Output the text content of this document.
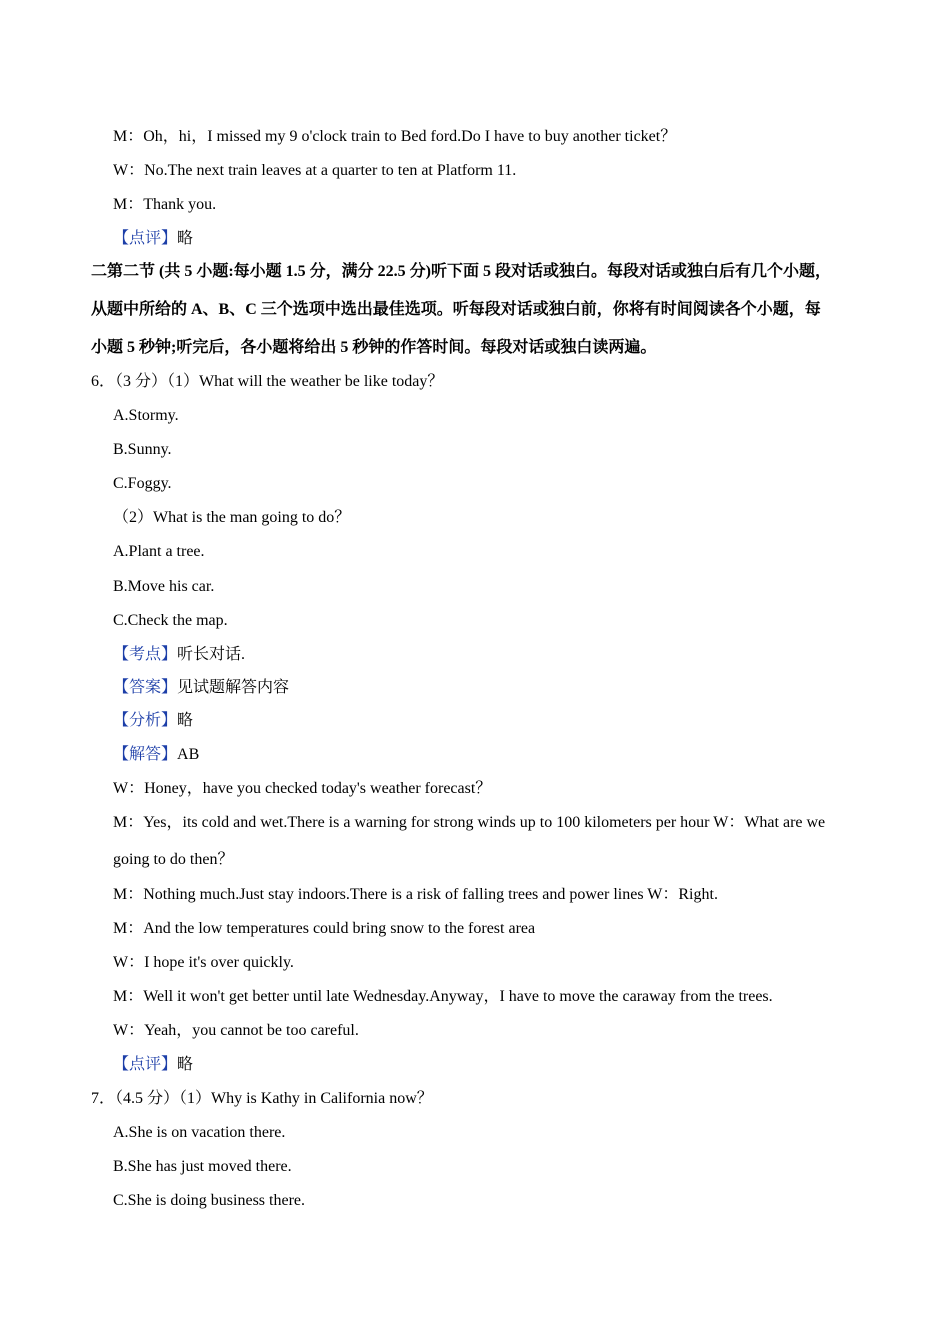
M：Oh，hi，I missed my 9 o'clock train to Bed ford.Do I have to buy another ticket？
W：No.The next train leaves at a quarter to ten at Platform 11.
M：Thank you.
【点评】略
二第二节 (共 5 小题:每小题 1.5 分，满分 22.5 分)听下面 5 段对话或独白。每段对话或独白后有几个小题，
从题中所给的 A、B、C 三个选项中选出最佳选项。听每段对话或独白前，你将有时间阅读各个小题，每
小题 5 秒钟;听完后，各小题将给出 5 秒钟的作答时间。每段对话或独白读两遍。
6．（3 分）（1）What will the weather be like today？
A.Stormy.
B.Sunny.
C.Foggy.
（2）What is the man going to do？
A.Plant a tree.
B.Move his car.
C.Check the map.
【考点】听长对话.
【答案】见试题解答内容
【分析】略
【解答】AB
W：Honey，have you checked today's weather forecast？
M：Yes，its cold and wet.There is a warning for strong winds up to 100 kilometers per hour W：What are we
going to do then？
M：Nothing much.Just stay indoors.There is a risk of falling trees and power lines W：Right.
M：And the low temperatures could bring snow to the forest area
W：I hope it's over quickly.
M：Well it won't get better until late Wednesday.Anyway，I have to move the caraway from the trees.
W：Yeah，you cannot be too careful.
【点评】略
7．（4.5 分）（1）Why is Kathy in California now？
A.She is on vacation there.
B.She has just moved there.
C.She is doing business there.
